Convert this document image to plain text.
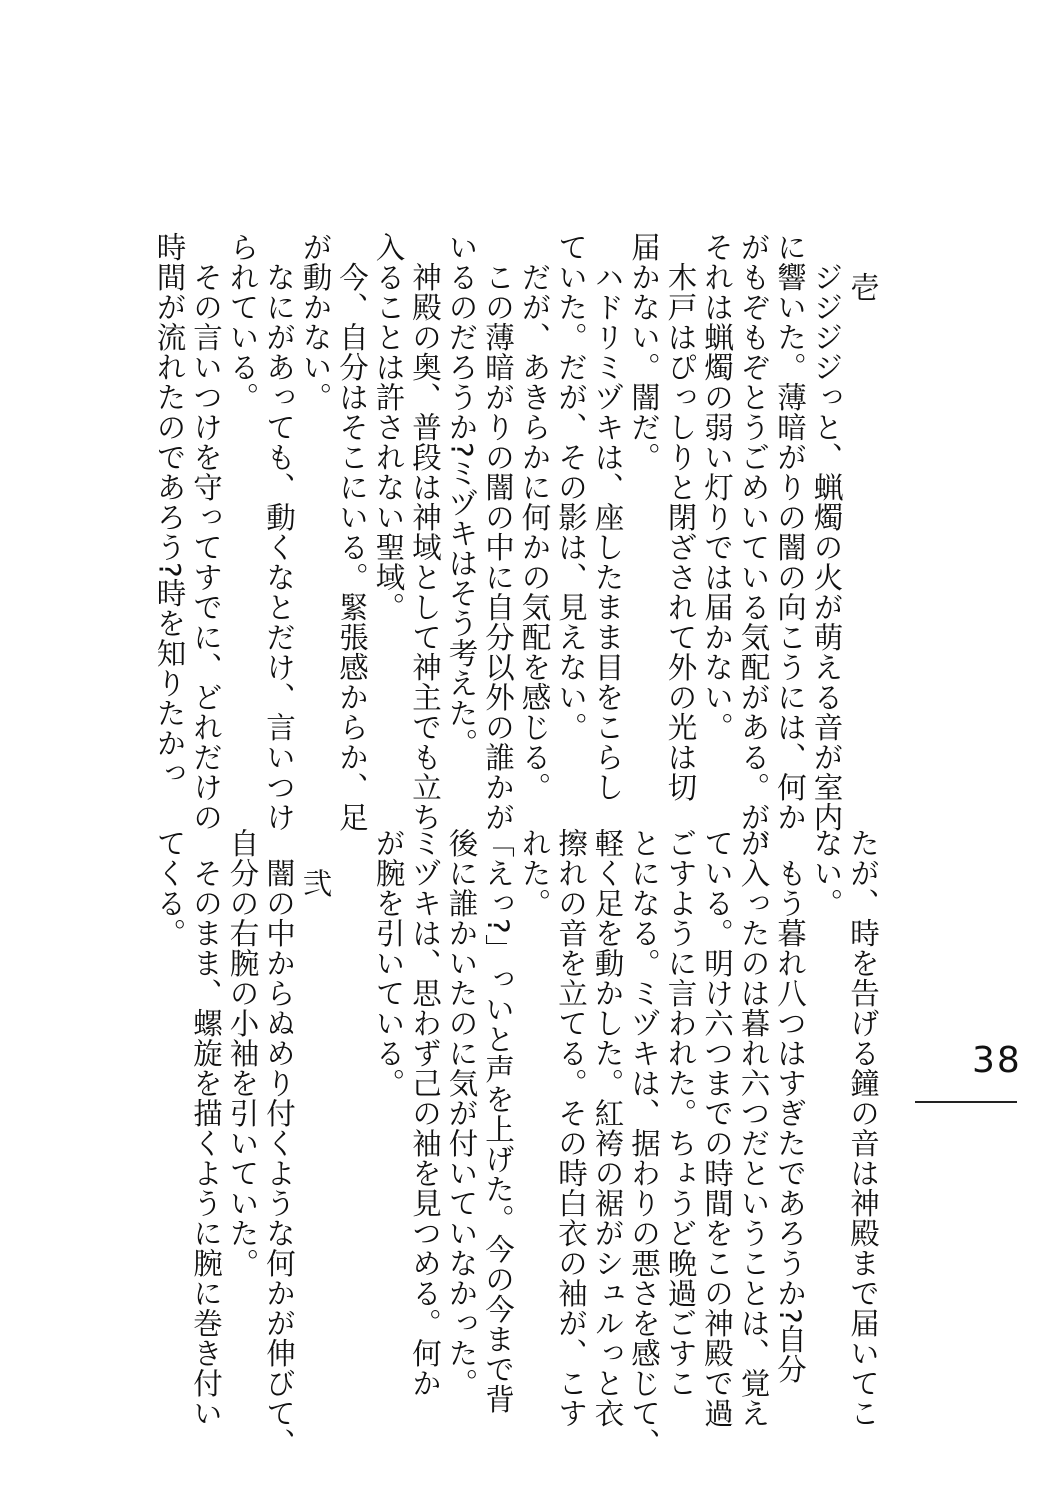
壱
　ジジジジっと、蝋燭の火が萌える音が室内
に響いた。薄暗がりの闇の向こうには、何か
がもぞもぞとうごめいている気配がある。が、
それは蝋燭の弱い灯りでは届かない。
　木戸はぴっしりと閉ざされて外の光は切
届かない。闇だ。
　ハドリミヅキは、座したまま目をこらし
ていた。だが、その影は、見えない。
　だが、あきらかに何かの気配を感じる。
　この薄暗がりの闇の中に自分以外の誰かが
いるのだろうか?ミヅキはそう考えた。
　神殿の奥、普段は神域として神主でも立ち
入ることは許されない聖域。
　今、自分はそこにいる。緊張感からか、足
が動かない。
　なにがあっても、動くなとだけ、言いつけ
られている。
　その言いつけを守ってすでに、どれだけの
時間が流れたのであろう?時を知りたかっ
たが、時を告げる鐘の音は神殿まで届いてこ
ない。
　もう暮れ八つはすぎたであろうか?自分
が入ったのは暮れ六つだということは、覚え
ている。明け六つまでの時間をこの神殿で過
ごすように言われた。ちょうど晩過ごすこ
とになる。ミヅキは、据わりの悪さを感じて、
軽く足を動かした。紅袴の裾がシュルっと衣
擦れの音を立てる。その時白衣の袖が、こす
れた。
「えっ?」っいと声を上げた。今の今まで背
後に誰かいたのに気が付いていなかった。
ミヅキは、思わず己の袖を見つめる。何か
が腕を引いている。

弐
　闇の中からぬめり付くような何かが伸びて、
自分の右腕の小袖を引いていた。
　そのまま、螺旋を描くように腕に巻き付い
てくる。
38
